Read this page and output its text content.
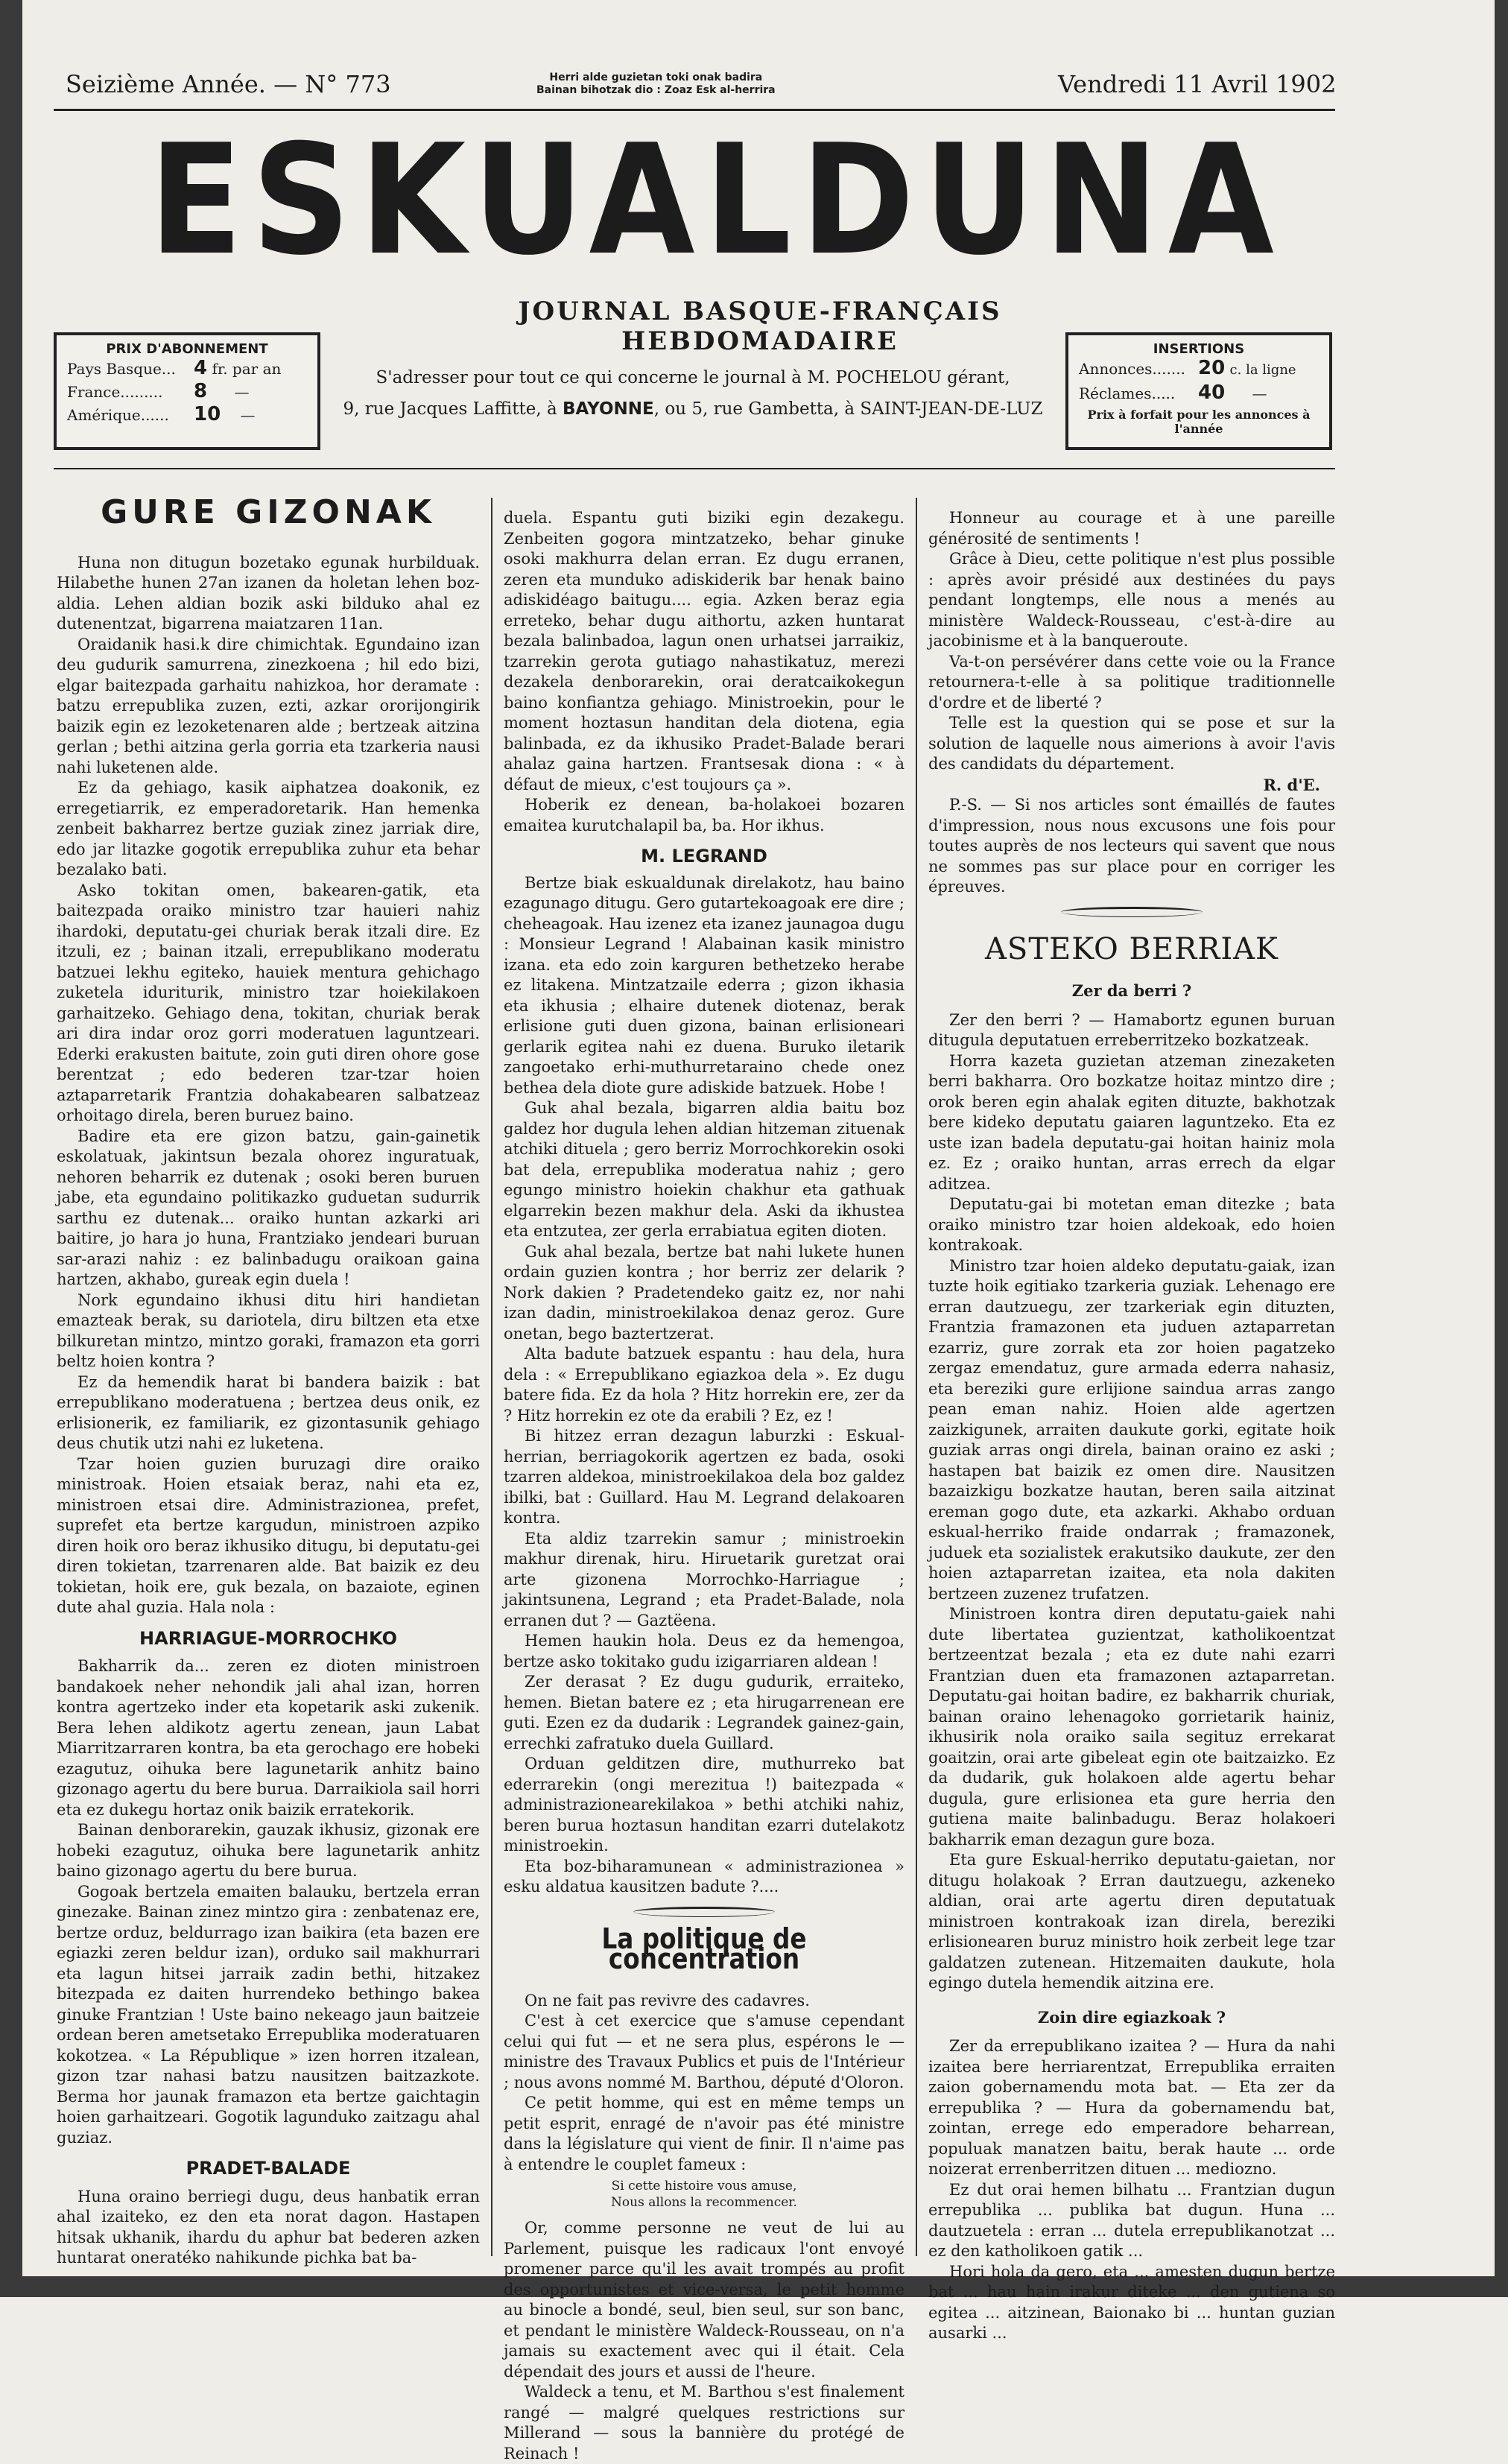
Seizième Année. — N° 773	Herri alde guzietan toki onak badira
Bainan bihotzak dio : Zoaz Esk al-herrira	Vendredi 11 Avril 1902
ESKUALDUNA
JOURNAL BASQUE-FRANÇAIS HEBDOMADAIRE
PRIX D'ABONNEMENT
Pays Basque... 4 fr. par an
France......... 8 —
Amérique...... 10 —
S'adresser pour tout ce qui concerne le journal à M. POCHELOU gérant,
9, rue Jacques Laffitte, à BAYONNE, ou 5, rue Gambetta, à SAINT-JEAN-DE-LUZ
INSERTIONS
Annonces....... 20 c. la ligne
Réclames..... 40 —
Prix à forfait pour les annonces à l'année
GURE GIZONAK

Huna non ditugun bozetako egunak hurbilduak. Hilabethe hunen 27an izanen da holetan lehen boz-aldia. Lehen aldian bozik aski bilduko ahal ez dutenentzat, bigarrena maiatzaren 11an.

Oraidanik hasi.k dire chimichtak. Egundaino izan deu gudurik samurrena, zinezkoena ; hil edo bizi, elgar baitezpada garhaitu nahizkoa, hor deramate : batzu errepublika zuzen, ezti, azkar ororijongirik baizik egin ez lezoketenaren alde ; bertzeak aitzina gerlan ; bethi aitzina gerla gorria eta tzarkeria nausi nahi luketenen alde.

Ez da gehiago, kasik aiphatzea doakonik, ez erregetiarrik, ez emperadoretarik. Han hemenka zenbeit bakharrez bertze guziak zinez jarriak dire, edo jar litazke gogotik errepublika zuhur eta behar bezalako bati.

Asko tokitan omen, bakearen-gatik, eta baitezpada oraiko ministro tzar hauieri nahiz ihardoki, deputatu-gei churiak berak itzali dire. Ez itzuli, ez ; bainan itzali, errepublikano moderatu batzuei lekhu egiteko, hauiek mentura gehichago zuketela iduriturik, ministro tzar hoiekilakoen garhaitzeko. Gehiago dena, tokitan, churiak berak ari dira indar oroz gorri moderatuen laguntzeari. Ederki erakusten baitute, zoin guti diren ohore gose berentzat ; edo bederen tzar-tzar hoien aztaparretarik Frantzia dohakabearen salbatzeaz orhoitago direla, beren buruez baino.

Badire eta ere gizon batzu, gain-gainetik eskolatuak, jakintsun bezala ohorez inguratuak, nehoren beharrik ez dutenak ; osoki beren buruen jabe, eta egundaino politikazko guduetan sudurrik sarthu ez dutenak... oraiko huntan azkarki ari baitire, jo hara jo huna, Frantziako jendeari buruan sar-arazi nahiz : ez balinbadugu oraikoan gaina hartzen, akhabo, gureak egin duela !

Nork egundaino ikhusi ditu hiri handietan emazteak berak, su dariotela, diru biltzen eta etxe bilkuretan mintzo, mintzo goraki, framazon eta gorri beltz hoien kontra ?

Ez da hemendik harat bi bandera baizik : bat errepublikano moderatuena ; bertzea deus onik, ez erlisionerik, ez familiarik, ez gizontasunik gehiago deus chutik utzi nahi ez luketena.

Tzar hoien guzien buruzagi dire oraiko ministroak. Hoien etsaiak beraz, nahi eta ez, ministroen etsai dire. Administrazionea, prefet, suprefet eta bertze kargudun, ministroen azpiko diren hoik oro beraz ikhusiko ditugu, bi deputatu-gei diren tokietan, tzarrenaren alde. Bat baizik ez deu tokietan, hoik ere, guk bezala, on bazaiote, eginen dute ahal guzia. Hala nola :

HARRIAGUE-MORROCHKO

Bakharrik da... zeren ez dioten ministroen bandakoek neher nehondik jali ahal izan, horren kontra agertzeko inder eta kopetarik aski zukenik. Bera lehen aldikotz agertu zenean, jaun Labat Miarritzarraren kontra, ba eta gerochago ere hobeki ezagutuz, oihuka bere lagunetarik anhitz baino gizonago agertu du bere burua. Darraikiola sail horri eta ez dukegu hortaz onik baizik erratekorik.

Bainan denborarekin, gauzak ikhusiz, gizonak ere hobeki ezagutuz, oihuka bere lagunetarik anhitz baino gizonago agertu du bere burua.

Gogoak bertzela emaiten balauku, bertzela erran ginezake. Bainan zinez mintzo gira : zenbatenaz ere, bertze orduz, beldurrago izan baikira (eta bazen ere egiazki zeren beldur izan), orduko sail makhurrari eta lagun hitsei jarraik zadin bethi, hitzakez bitezpada ez daiten hurrendeko bethingo bakea ginuke Frantzian ! Uste baino nekeago jaun baitzeie ordean beren ametsetako Errepublika moderatuaren kokotzea. « La République » izen horren itzalean, gizon tzar nahasi batzu nausitzen baitzazkote. Berma hor jaunak framazon eta bertze gaichtagin hoien garhaitzeari. Gogotik lagunduko zaitzagu ahal guziaz.

PRADET-BALADE

Huna oraino berriegi dugu, deus hanbatik erran ahal izaiteko, ez den eta norat dagon. Hastapen hitsak ukhanik, ihardu du aphur bat bederen azken huntarat oneratéko nahikunde pichka bat ba-

duela. Espantu guti biziki egin dezakegu. Zenbeiten gogora mintzatzeko, behar ginuke osoki makhurra delan erran. Ez dugu erranen, zeren eta munduko adiskiderik bar henak baino adiskidéago baitugu.... egia. Azken beraz egia erreteko, behar dugu aithortu, azken huntarat bezala balinbadoa, lagun onen urhatsei jarraikiz, tzarrekin gerota gutiago nahastikatuz, merezi dezakela denborarekin, orai deratcaikokegun baino konfiantza gehiago. Ministroekin, pour le moment hoztasun handitan dela diotena, egia balinbada, ez da ikhusiko Pradet-Balade berari ahalaz gaina hartzen. Frantsesak diona : « à défaut de mieux, c'est toujours ça ».

Hoberik ez denean, ba-holakoei bozaren emaitea kurutchalapil ba, ba. Hor ikhus.

M. LEGRAND

Bertze biak eskualdunak direlakotz, hau baino ezagunago ditugu. Gero gutartekoagoak ere dire ; cheheagoak. Hau izenez eta izanez jaunagoa dugu : Monsieur Legrand ! Alabainan kasik ministro izana. eta edo zoin karguren bethetzeko herabe ez litakena. Mintzatzaile ederra ; gizon ikhasia eta ikhusia ; elhaire dutenek diotenaz, berak erlisione guti duen gizona, bainan erlisioneari gerlarik egitea nahi ez duena. Buruko iletarik zangoetako erhi-muthurretaraino chede onez bethea dela diote gure adiskide batzuek. Hobe !

Guk ahal bezala, bigarren aldia baitu boz galdez hor dugula lehen aldian hitzeman zituenak atchiki dituela ; gero berriz Morrochkorekin osoki bat dela, errepublika moderatua nahiz ; gero egungo ministro hoiekin chakhur eta gathuak elgarrekin bezen makhur dela. Aski da ikhustea eta entzutea, zer gerla errabiatua egiten dioten.

Guk ahal bezala, bertze bat nahi lukete hunen ordain guzien kontra ; hor berriz zer delarik ? Nork dakien ? Pradetendeko gaitz ez, nor nahi izan dadin, ministroekilakoa denaz geroz. Gure onetan, bego baztertzerat.

Alta badute batzuek espantu : hau dela, hura dela : « Errepublikano egiazkoa dela ». Ez dugu batere fida. Ez da hola ? Hitz horrekin ere, zer da ? Hitz horrekin ez ote da erabili ? Ez, ez !

Bi hitzez erran dezagun laburzki : Eskual-herrian, berriagokorik agertzen ez bada, osoki tzarren aldekoa, ministroekilakoa dela boz galdez ibilki, bat : Guillard. Hau M. Legrand delakoaren kontra.

Eta aldiz tzarrekin samur ; ministroekin makhur direnak, hiru. Hiruetarik guretzat orai arte gizonena Morrochko-Harriague ; jakintsunena, Legrand ; eta Pradet-Balade, nola erranen dut ? — Gaztëena.

Hemen haukin hola. Deus ez da hemengoa, bertze asko tokitako gudu izigarriaren aldean !

Zer derasat ? Ez dugu gudurik, erraiteko, hemen. Bietan batere ez ; eta hirugarrenean ere guti. Ezen ez da dudarik : Legrandek gainez-gain, errechki zafratuko duela Guillard.

Orduan gelditzen dire, muthurreko bat ederrarekin (ongi merezitua !) baitezpada « administrazionearekilakoa » bethi atchiki nahiz, beren burua hoztasun handitan ezarri dutelakotz ministroekin.

Eta boz-biharamunean « administrazionea » esku aldatua kausitzen badute ?....

La politique de concentration

On ne fait pas revivre des cadavres.

C'est à cet exercice que s'amuse cependant celui qui fut — et ne sera plus, espérons le — ministre des Travaux Publics et puis de l'Intérieur ; nous avons nommé M. Barthou, député d'Oloron.

Ce petit homme, qui est en même temps un petit esprit, enragé de n'avoir pas été ministre dans la législature qui vient de finir. Il n'aime pas à entendre le couplet fameux :

Si cette histoire vous amuse,
Nous allons la recommencer.

Or, comme personne ne veut de lui au Parlement, puisque les radicaux l'ont envoyé promener parce qu'il les avait trompés au profit des opportunistes et vice-versa, le petit homme au binocle a bondé, seul, bien seul, sur son banc, et pendant le ministère Waldeck-Rousseau, on n'a jamais su exactement avec qui il était. Cela dépendait des jours et aussi de l'heure.

Waldeck a tenu, et M. Barthou s'est finalement rangé — malgré quelques restrictions sur Millerand — sous la bannière du protégé de Reinach !

Honneur au courage et à une pareille générosité de sentiments !

Grâce à Dieu, cette politique n'est plus possible : après avoir présidé aux destinées du pays pendant longtemps, elle nous a menés au ministère Waldeck-Rousseau, c'est-à-dire au jacobinisme et à la banqueroute.

Va-t-on persévérer dans cette voie ou la France retournera-t-elle à sa politique traditionnelle d'ordre et de liberté ?

Telle est la question qui se pose et sur la solution de laquelle nous aimerions à avoir l'avis des candidats du département.

R. d'E.

P.-S. — Si nos articles sont émaillés de fautes d'impression, nous nous excusons une fois pour toutes auprès de nos lecteurs qui savent que nous ne sommes pas sur place pour en corriger les épreuves.

ASTEKO BERRIAK
Zer da berri ?

Zer den berri ? — Hamabortz egunen buruan ditugula deputatuen erreberritzeko bozkatzeak.

Horra kazeta guzietan atzeman zinezaketen berri bakharra. Oro bozkatze hoitaz mintzo dire ; orok beren egin ahalak egiten dituzte, bakhotzak bere kideko deputatu gaiaren laguntzeko. Eta ez uste izan badela deputatu-gai hoitan hainiz mola ez. Ez ; oraiko huntan, arras errech da elgar aditzea.

Deputatu-gai bi motetan eman ditezke ; bata oraiko ministro tzar hoien aldekoak, edo hoien kontrakoak.

Ministro tzar hoien aldeko deputatu-gaiak, izan tuzte hoik egitiako tzarkeria guziak. Lehenago ere erran dautzuegu, zer tzarkeriak egin dituzten, Frantzia framazonen eta juduen aztaparretan ezarriz, gure zorrak eta zor hoien pagatzeko zergaz emendatuz, gure armada ederra nahasiz, eta bereziki gure erlijione saindua arras zango pean eman nahiz. Hoien alde agertzen zaizkigunek, arraiten daukute gorki, egitate hoik guziak arras ongi direla, bainan oraino ez aski ; hastapen bat baizik ez omen dire. Nausitzen bazaizkigu bozkatze hautan, beren saila aitzinat ereman gogo dute, eta azkarki. Akhabo orduan eskual-herriko fraide ondarrak ; framazonek, juduek eta sozialistek erakutsiko daukute, zer den hoien aztaparretan izaitea, eta nola dakiten bertzeen zuzenez trufatzen.

Ministroen kontra diren deputatu-gaiek nahi dute libertatea guzientzat, katholikoentzat bertzeentzat bezala ; eta ez dute nahi ezarri Frantzian duen eta framazonen aztaparretan. Deputatu-gai hoitan badire, ez bakharrik churiak, bainan oraino lehenagoko gorrietarik hainiz, ikhusirik nola oraiko saila segituz errekarat goaitzin, orai arte gibeleat egin ote baitzaizko. Ez da dudarik, guk holakoen alde agertu behar dugula, gure erlisionea eta gure herria den gutiena maite balinbadugu. Beraz holakoeri bakharrik eman dezagun gure boza.

Eta gure Eskual-herriko deputatu-gaietan, nor ditugu holakoak ? Erran dautzuegu, azkeneko aldian, orai arte agertu diren deputatuak ministroen kontrakoak izan direla, bereziki erlisionearen buruz ministro hoik zerbeit lege tzar galdatzen zutenean. Hitzemaiten daukute, hola egingo dutela hemendik aitzina ere.

Zoin dire egiazkoak ?

Zer da errepublikano izaitea ? — Hura da nahi izaitea bere herriarentzat, Errepublika erraiten zaion gobernamendu mota bat. — Eta zer da errepublika ? — Hura da gobernamendu bat, zointan, errege edo emperadore beharrean, populuak manatzen baitu, berak haute ... orde noizerat errenberritzen dituen ... mediozno.

Ez dut orai hemen bilhatu ... Frantzian dugun errepublika ... publika bat dugun. Huna ... dautzuetela : erran ... dutela errepublikanotzat ... ez den katholikoen gatik ...

Hori hola da gero, eta ... amesten dugun bertze bat ... hau hain irakur diteke ... den gutiena so egitea ... aitzinean, Baionako bi ... huntan guzian ausarki ...
